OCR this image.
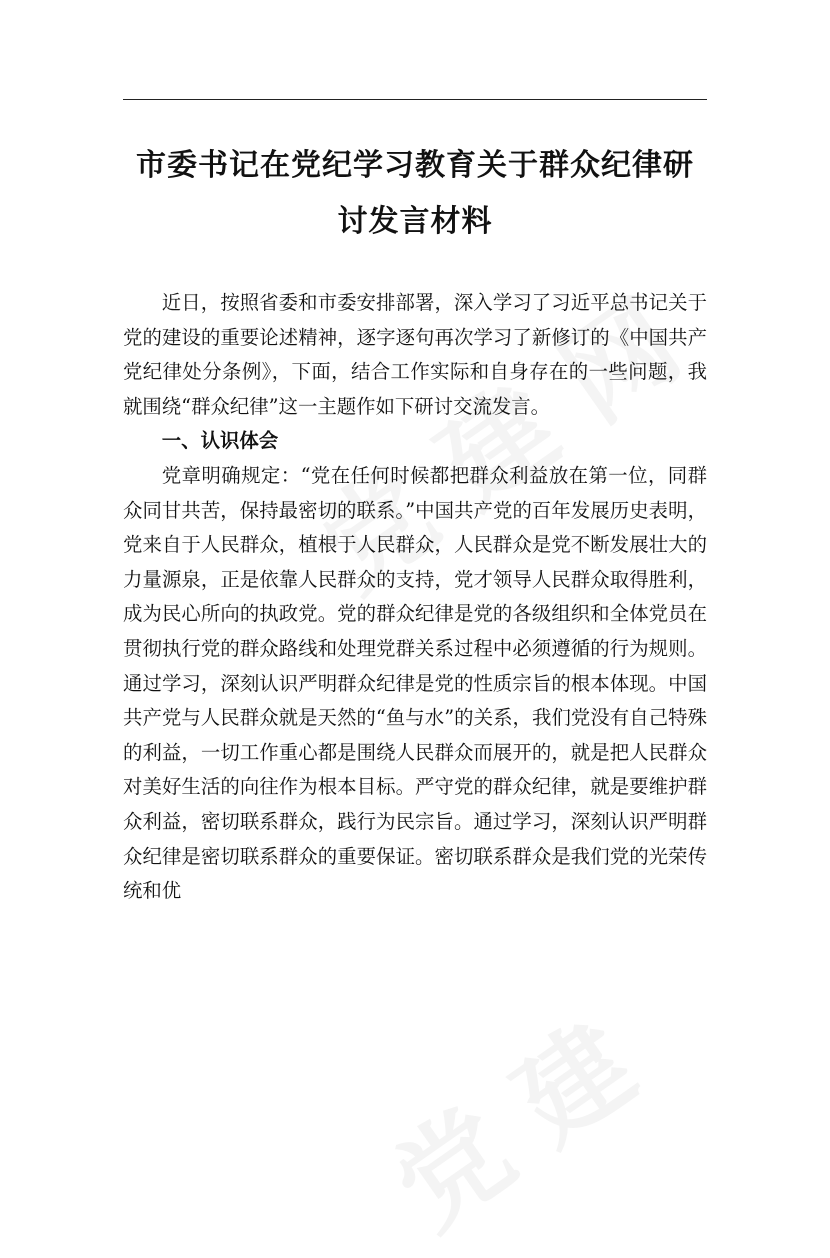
市委书记在党纪学习教育关于群众纪律研
讨发言材料

近日，按照省委和市委安排部署，深入学习了习近平总书记关于党的建设的重要论述精神，逐字逐句再次学习了新修订的《中国共产党纪律处分条例》，下面，结合工作实际和自身存在的一些问题，我就围绕“群众纪律”这一主题作如下研讨交流发言。

一、认识体会

党章明确规定：“党在任何时候都把群众利益放在第一位，同群众同甘共苦，保持最密切的联系。”中国共产党的百年发展历史表明，党来自于人民群众，植根于人民群众，人民群众是党不断发展壮大的力量源泉，正是依靠人民群众的支持，党才领导人民群众取得胜利，成为民心所向的执政党。党的群众纪律是党的各级组织和全体党员在贯彻执行党的群众路线和处理党群关系过程中必须遵循的行为规则。通过学习，深刻认识严明群众纪律是党的性质宗旨的根本体现。中国共产党与人民群众就是天然的“鱼与水”的关系，我们党没有自己特殊的利益，一切工作重心都是围绕人民群众而展开的，就是把人民群众对美好生活的向往作为根本目标。严守党的群众纪律，就是要维护群众利益，密切联系群众，践行为民宗旨。通过学习，深刻认识严明群众纪律是密切联系群众的重要保证。密切联系群众是我们党的光荣传统和优
